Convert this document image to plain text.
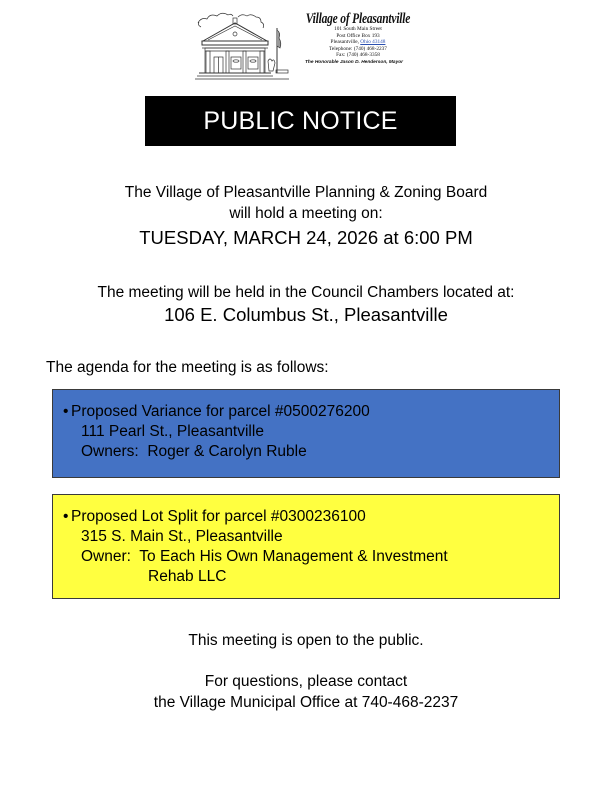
Village of Pleasantville
101 South Main Street
Post Office Box 193
Pleasantville, Ohio 43148
Telephone: (740) 468-2237
Fax: (740) 468-3358
The Honorable Jason D. Henderson, Mayor
PUBLIC NOTICE
The Village of Pleasantville Planning & Zoning Board
will hold a meeting on:
TUESDAY, MARCH 24, 2026 at 6:00 PM
The meeting will be held in the Council Chambers located at:
106 E. Columbus St., Pleasantville
The agenda for the meeting is as follows:
• Proposed Variance for parcel #0500276200
111 Pearl St., Pleasantville
Owners:  Roger & Carolyn Ruble
• Proposed Lot Split for parcel #0300236100
315 S. Main St., Pleasantville
Owner:  To Each His Own Management & Investment
Rehab LLC
This meeting is open to the public.
For questions, please contact
the Village Municipal Office at 740-468-2237
